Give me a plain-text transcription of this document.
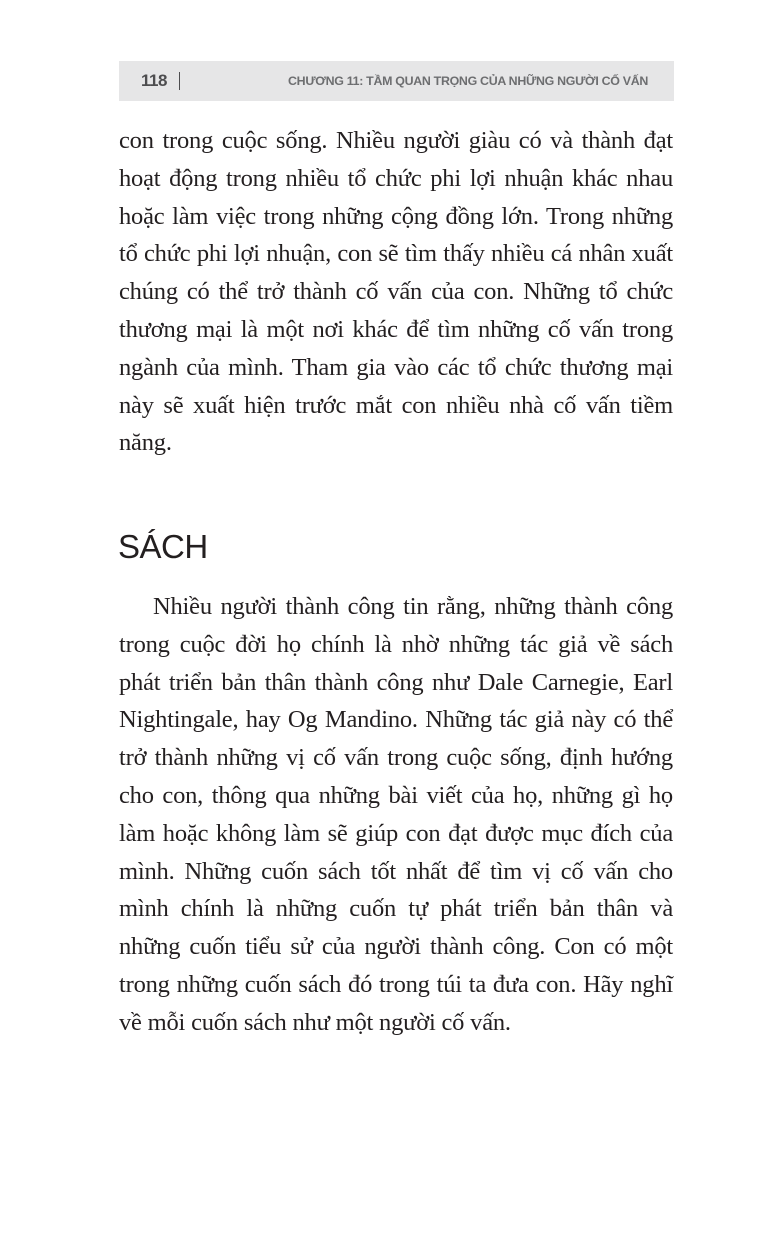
118	CHƯƠNG 11: TẦM QUAN TRỌNG CỦA NHỮNG NGƯỜI CỐ VẤN

con trong cuộc sống. Nhiều người giàu có và thành đạt hoạt động trong nhiều tổ chức phi lợi nhuận khác nhau hoặc làm việc trong những cộng đồng lớn. Trong những tổ chức phi lợi nhuận, con sẽ tìm thấy nhiều cá nhân xuất chúng có thể trở thành cố vấn của con. Những tổ chức thương mại là một nơi khác để tìm những cố vấn trong ngành của mình. Tham gia vào các tổ chức thương mại này sẽ xuất hiện trước mắt con nhiều nhà cố vấn tiềm năng.

SÁCH

Nhiều người thành công tin rằng, những thành công trong cuộc đời họ chính là nhờ những tác giả về sách phát triển bản thân thành công như Dale Carnegie, Earl Nightingale, hay Og Mandino. Những tác giả này có thể trở thành những vị cố vấn trong cuộc sống, định hướng cho con, thông qua những bài viết của họ, những gì họ làm hoặc không làm sẽ giúp con đạt được mục đích của mình. Những cuốn sách tốt nhất để tìm vị cố vấn cho mình chính là những cuốn tự phát triển bản thân và những cuốn tiểu sử của người thành công. Con có một trong những cuốn sách đó trong túi ta đưa con. Hãy nghĩ về mỗi cuốn sách như một người cố vấn.
